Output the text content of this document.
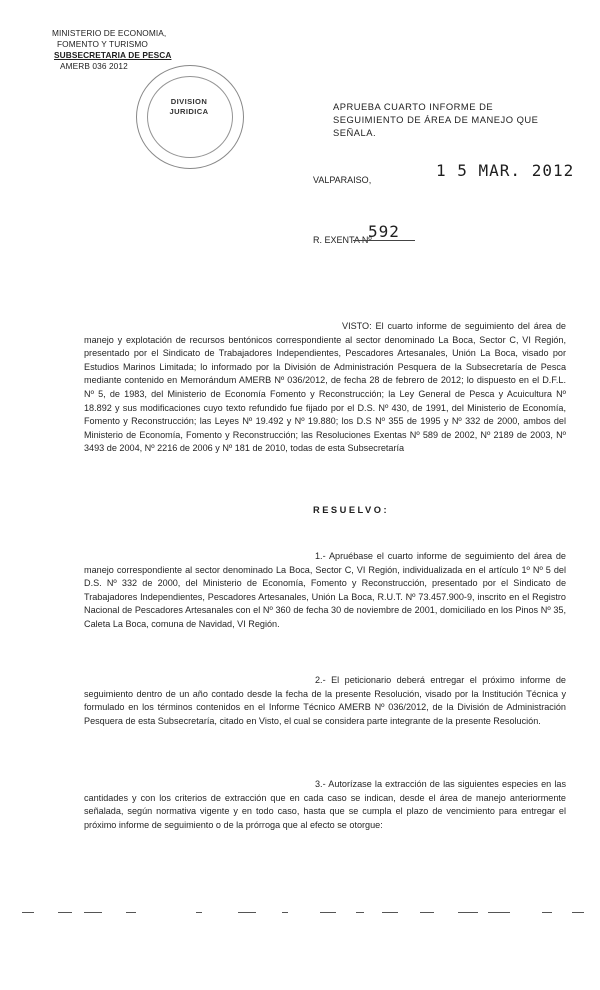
MINISTERIO DE ECONOMIA,
FOMENTO Y TURISMO
SUBSECRETARIA DE PESCA
AMERB 036 2012
DIVISION
JURIDICA	APRUEBA CUARTO INFORME DE SEGUIMIENTO DE ÁREA DE MANEJO QUE SEÑALA.
VALPARAISO,	1 5 MAR. 2012
R. EXENTA Nº
592
VISTO: El cuarto informe de seguimiento del área de manejo y explotación de recursos bentónicos correspondiente al sector denominado La Boca, Sector C, VI Región, presentado por el Sindicato de Trabajadores Independientes, Pescadores Artesanales, Unión La Boca, visado por Estudios Marinos Limitada; lo informado por la División de Administración Pesquera de la Subsecretaría de Pesca mediante contenido en Memorándum AMERB Nº 036/2012, de fecha 28 de febrero de 2012; lo dispuesto en el D.F.L. Nº 5, de 1983, del Ministerio de Economía Fomento y Reconstrucción; la Ley General de Pesca y Acuicultura Nº 18.892 y sus modificaciones cuyo texto refundido fue fijado por el D.S. Nº 430, de 1991, del Ministerio de Economía, Fomento y Reconstrucción; las Leyes Nº 19.492 y Nº 19.880; los D.S Nº 355 de 1995 y Nº 332 de 2000, ambos del Ministerio de Economía, Fomento y Reconstrucción; las Resoluciones Exentas Nº 589 de 2002, Nº 2189 de 2003, Nº 3493 de 2004, Nº 2216 de 2006 y Nº 181 de 2010, todas de esta Subsecretaría
RESUELVO:
1.- Apruébase el cuarto informe de seguimiento del área de manejo correspondiente al sector denominado La Boca, Sector C, VI Región, individualizada en el artículo 1º Nº 5 del D.S. Nº 332 de 2000, del Ministerio de Economía, Fomento y Reconstrucción, presentado por el Sindicato de Trabajadores Independientes, Pescadores Artesanales, Unión La Boca, R.U.T. Nº 73.457.900-9, inscrito en el Registro Nacional de Pescadores Artesanales con el Nº 360 de fecha 30 de noviembre de 2001, domiciliado en los Pinos Nº 35, Caleta La Boca, comuna de Navidad, VI Región.
2.- El peticionario deberá entregar el próximo informe de seguimiento dentro de un año contado desde la fecha de la presente Resolución, visado por la Institución Técnica y formulado en los términos contenidos en el Informe Técnico AMERB Nº 036/2012, de la División de Administración Pesquera de esta Subsecretaría, citado en Visto, el cual se considera parte integrante de la presente Resolución.
3.- Autorízase la extracción de las siguientes especies en las cantidades y con los criterios de extracción que en cada caso se indican, desde el área de manejo anteriormente señalada, según normativa vigente y en todo caso, hasta que se cumpla el plazo de vencimiento para entregar el próximo informe de seguimiento o de la prórroga que al efecto se otorgue:
